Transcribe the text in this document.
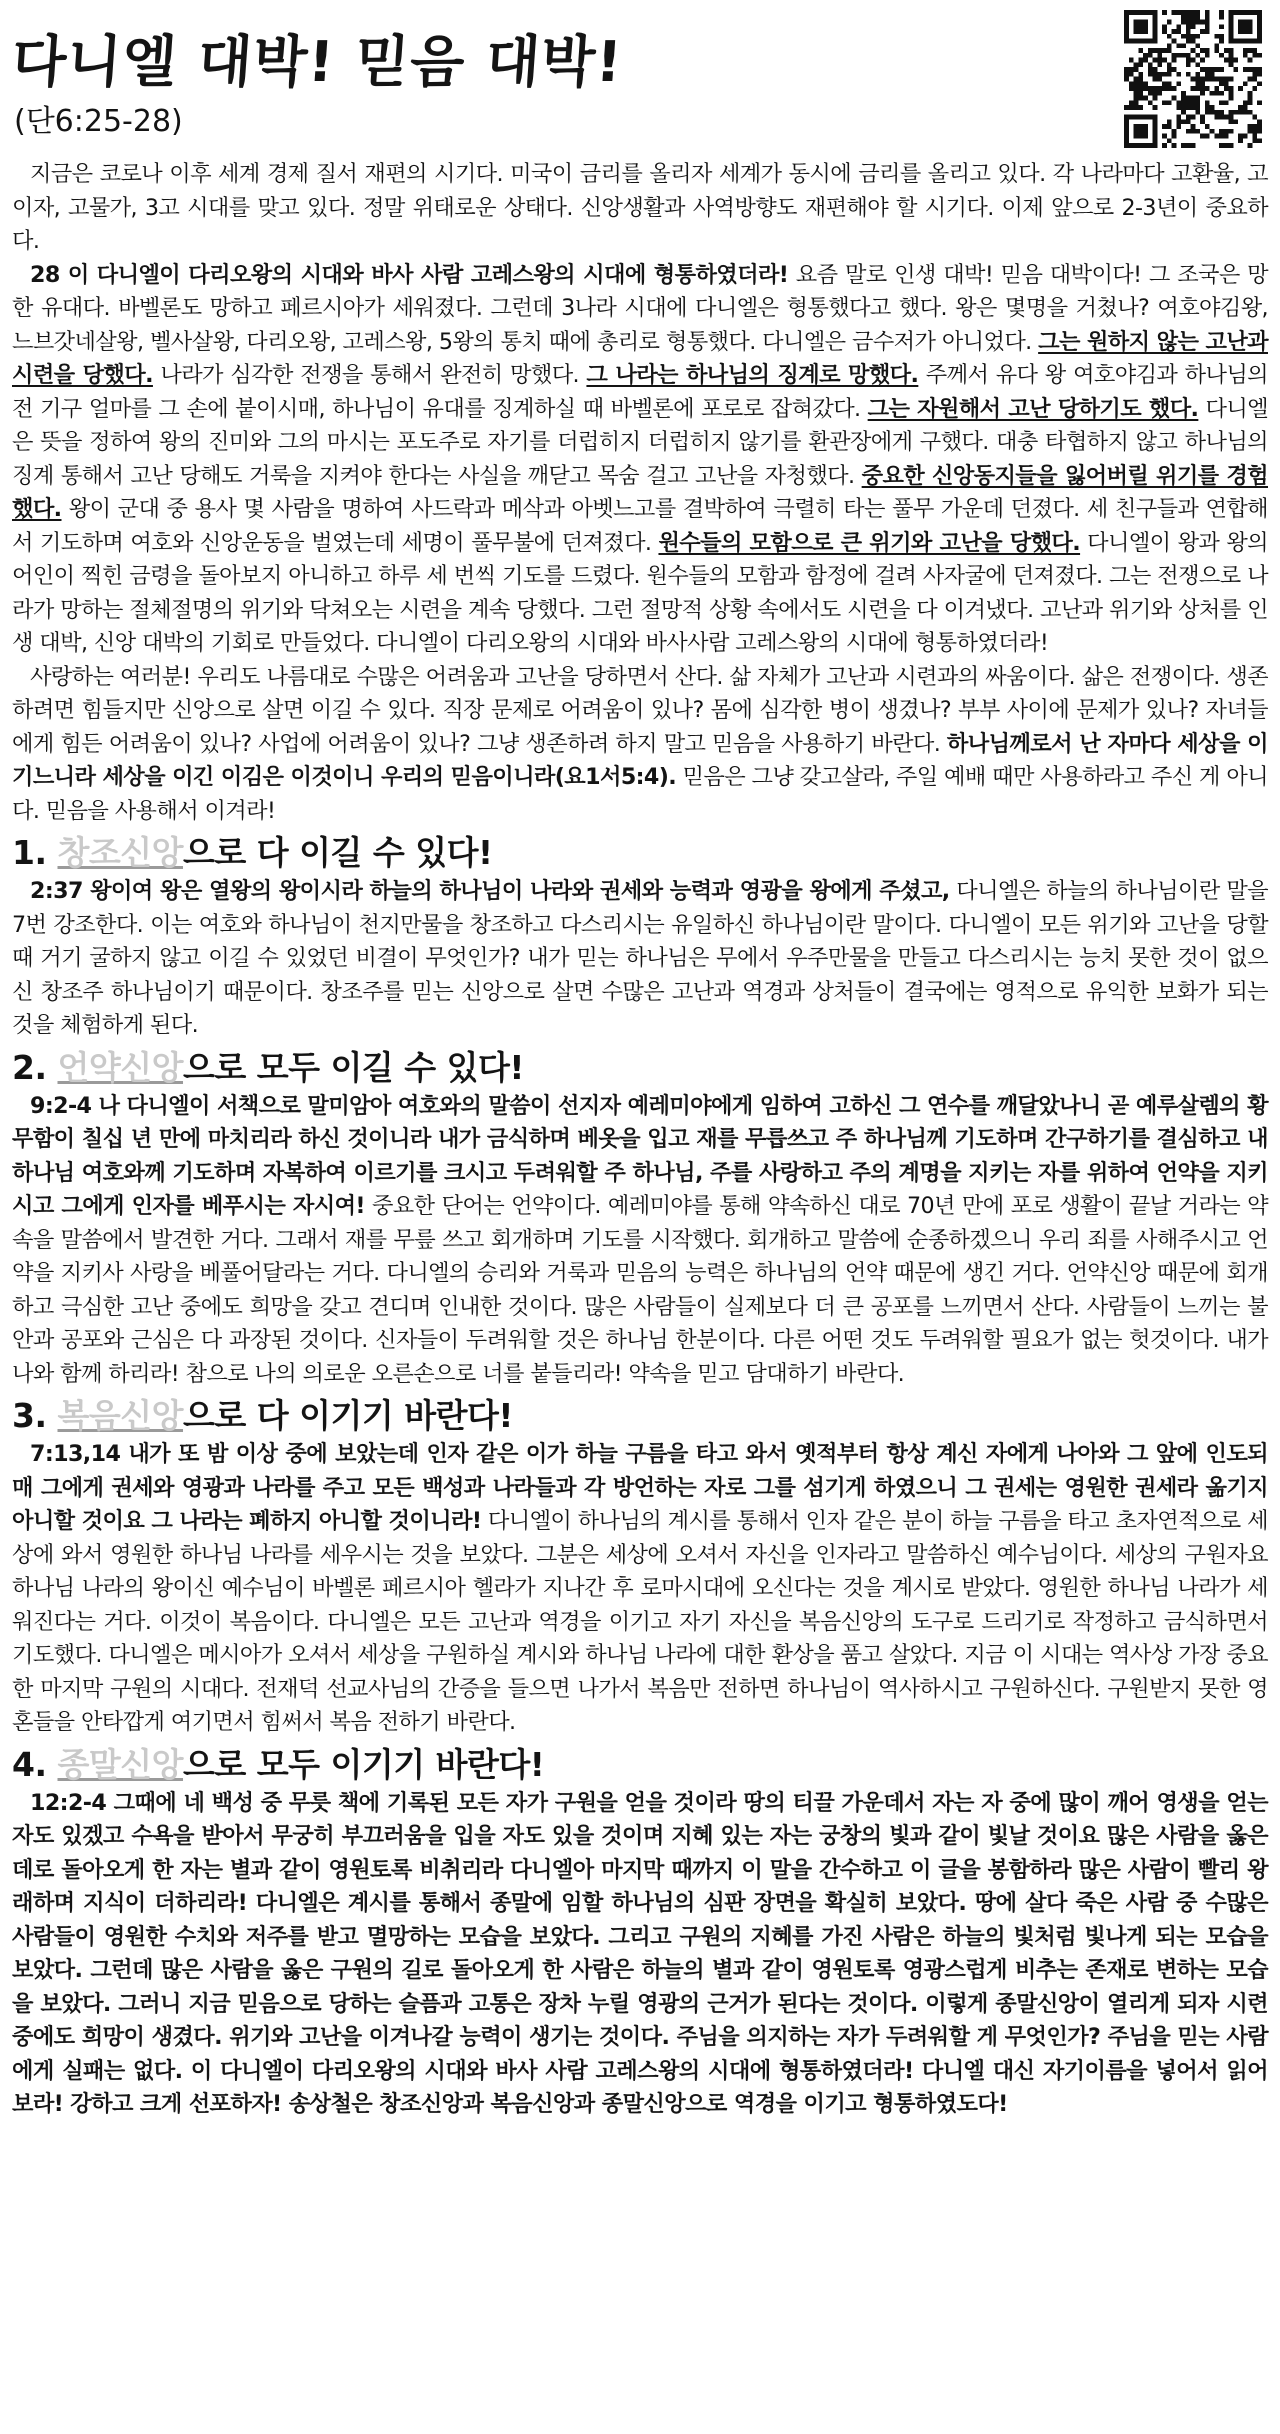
다니엘 대박! 믿음 대박!
(단6:25-28)

지금은 코로나 이후 세계 경제 질서 재편의 시기다. 미국이 금리를 올리자 세계가 동시에 금리를 올리고 있다. 각 나라마다 고환율, 고이자, 고물가, 3고 시대를 맞고 있다. 정말 위태로운 상태다. 신앙생활과 사역방향도 재편해야 할 시기다. 이제 앞으로 2-3년이 중요하다.

28 이 다니엘이 다리오왕의 시대와 바사 사람 고레스왕의 시대에 형통하였더라! 요즘 말로 인생 대박! 믿음 대박이다! 그 조국은 망한 유대다. 바벨론도 망하고 페르시아가 세워졌다. 그런데 3나라 시대에 다니엘은 형통했다고 했다. 왕은 몇명을 거쳤나? 여호야김왕, 느브갓네살왕, 벨사살왕, 다리오왕, 고레스왕, 5왕의 통치 때에 총리로 형통했다. 다니엘은 금수저가 아니었다. 그는 원하지 않는 고난과 시련을 당했다. 나라가 심각한 전쟁을 통해서 완전히 망했다. 그 나라는 하나님의 징계로 망했다. 주께서 유다 왕 여호야김과 하나님의 전 기구 얼마를 그 손에 붙이시매, 하나님이 유대를 징계하실 때 바벨론에 포로로 잡혀갔다. 그는 자원해서 고난 당하기도 했다. 다니엘은 뜻을 정하여 왕의 진미와 그의 마시는 포도주로 자기를 더럽히지 더럽히지 않기를 환관장에게 구했다. 대충 타협하지 않고 하나님의 징계 통해서 고난 당해도 거룩을 지켜야 한다는 사실을 깨닫고 목숨 걸고 고난을 자청했다. 중요한 신앙동지들을 잃어버릴 위기를 경험했다. 왕이 군대 중 용사 몇 사람을 명하여 사드락과 메삭과 아벳느고를 결박하여 극렬히 타는 풀무 가운데 던졌다. 세 친구들과 연합해서 기도하며 여호와 신앙운동을 벌였는데 세명이 풀무불에 던져졌다. 원수들의 모함으로 큰 위기와 고난을 당했다. 다니엘이 왕과 왕의 어인이 찍힌 금령을 돌아보지 아니하고 하루 세 번씩 기도를 드렸다. 원수들의 모함과 함정에 걸려 사자굴에 던져졌다. 그는 전쟁으로 나라가 망하는 절체절명의 위기와 닥쳐오는 시련을 계속 당했다. 그런 절망적 상황 속에서도 시련을 다 이겨냈다. 고난과 위기와 상처를 인생 대박, 신앙 대박의 기회로 만들었다. 다니엘이 다리오왕의 시대와 바사사람 고레스왕의 시대에 형통하였더라!

사랑하는 여러분! 우리도 나름대로 수많은 어려움과 고난을 당하면서 산다. 삶 자체가 고난과 시련과의 싸움이다. 삶은 전쟁이다. 생존하려면 힘들지만 신앙으로 살면 이길 수 있다. 직장 문제로 어려움이 있나? 몸에 심각한 병이 생겼나? 부부 사이에 문제가 있나? 자녀들에게 힘든 어려움이 있나? 사업에 어려움이 있나? 그냥 생존하려 하지 말고 믿음을 사용하기 바란다. 하나님께로서 난 자마다 세상을 이기느니라 세상을 이긴 이김은 이것이니 우리의 믿음이니라(요1서5:4). 믿음은 그냥 갖고살라, 주일 예배 때만 사용하라고 주신 게 아니다. 믿음을 사용해서 이겨라!

1. 창조신앙으로 다 이길 수 있다!

2:37 왕이여 왕은 열왕의 왕이시라 하늘의 하나님이 나라와 권세와 능력과 영광을 왕에게 주셨고, 다니엘은 하늘의 하나님이란 말을 7번 강조한다. 이는 여호와 하나님이 천지만물을 창조하고 다스리시는 유일하신 하나님이란 말이다. 다니엘이 모든 위기와 고난을 당할 때 거기 굴하지 않고 이길 수 있었던 비결이 무엇인가? 내가 믿는 하나님은 무에서 우주만물을 만들고 다스리시는 능치 못한 것이 없으신 창조주 하나님이기 때문이다. 창조주를 믿는 신앙으로 살면 수많은 고난과 역경과 상처들이 결국에는 영적으로 유익한 보화가 되는 것을 체험하게 된다.

2. 언약신앙으로 모두 이길 수 있다!

9:2-4 나 다니엘이 서책으로 말미암아 여호와의 말씀이 선지자 예레미야에게 임하여 고하신 그 연수를 깨달았나니 곧 예루살렘의 황무함이 칠십 년 만에 마치리라 하신 것이니라 내가 금식하며 베옷을 입고 재를 무릅쓰고 주 하나님께 기도하며 간구하기를 결심하고 내 하나님 여호와께 기도하며 자복하여 이르기를 크시고 두려워할 주 하나님, 주를 사랑하고 주의 계명을 지키는 자를 위하여 언약을 지키시고 그에게 인자를 베푸시는 자시여! 중요한 단어는 언약이다. 예레미야를 통해 약속하신 대로 70년 만에 포로 생활이 끝날 거라는 약속을 말씀에서 발견한 거다. 그래서 재를 무릎 쓰고 회개하며 기도를 시작했다. 회개하고 말씀에 순종하겠으니 우리 죄를 사해주시고 언약을 지키사 사랑을 베풀어달라는 거다. 다니엘의 승리와 거룩과 믿음의 능력은 하나님의 언약 때문에 생긴 거다. 언약신앙 때문에 회개하고 극심한 고난 중에도 희망을 갖고 견디며 인내한 것이다. 많은 사람들이 실제보다 더 큰 공포를 느끼면서 산다. 사람들이 느끼는 불안과 공포와 근심은 다 과장된 것이다. 신자들이 두려워할 것은 하나님 한분이다. 다른 어떤 것도 두려워할 필요가 없는 헛것이다. 내가 나와 함께 하리라! 참으로 나의 의로운 오른손으로 너를 붙들리라! 약속을 믿고 담대하기 바란다.

3. 복음신앙으로 다 이기기 바란다!

7:13,14 내가 또 밤 이상 중에 보았는데 인자 같은 이가 하늘 구름을 타고 와서 옛적부터 항상 계신 자에게 나아와 그 앞에 인도되매 그에게 권세와 영광과 나라를 주고 모든 백성과 나라들과 각 방언하는 자로 그를 섬기게 하였으니 그 권세는 영원한 권세라 옮기지 아니할 것이요 그 나라는 폐하지 아니할 것이니라! 다니엘이 하나님의 계시를 통해서 인자 같은 분이 하늘 구름을 타고 초자연적으로 세상에 와서 영원한 하나님 나라를 세우시는 것을 보았다. 그분은 세상에 오셔서 자신을 인자라고 말씀하신 예수님이다. 세상의 구원자요 하나님 나라의 왕이신 예수님이 바벨론 페르시아 헬라가 지나간 후 로마시대에 오신다는 것을 계시로 받았다. 영원한 하나님 나라가 세워진다는 거다. 이것이 복음이다. 다니엘은 모든 고난과 역경을 이기고 자기 자신을 복음신앙의 도구로 드리기로 작정하고 금식하면서 기도했다. 다니엘은 메시아가 오셔서 세상을 구원하실 계시와 하나님 나라에 대한 환상을 품고 살았다. 지금 이 시대는 역사상 가장 중요한 마지막 구원의 시대다. 전재덕 선교사님의 간증을 들으면 나가서 복음만 전하면 하나님이 역사하시고 구원하신다. 구원받지 못한 영혼들을 안타깝게 여기면서 힘써서 복음 전하기 바란다.

4. 종말신앙으로 모두 이기기 바란다!

12:2-4 그때에 네 백성 중 무릇 책에 기록된 모든 자가 구원을 얻을 것이라 땅의 티끌 가운데서 자는 자 중에 많이 깨어 영생을 얻는 자도 있겠고 수욕을 받아서 무궁히 부끄러움을 입을 자도 있을 것이며 지혜 있는 자는 궁창의 빛과 같이 빛날 것이요 많은 사람을 옳은 데로 돌아오게 한 자는 별과 같이 영원토록 비취리라 다니엘아 마지막 때까지 이 말을 간수하고 이 글을 봉함하라 많은 사람이 빨리 왕래하며 지식이 더하리라! 다니엘은 계시를 통해서 종말에 임할 하나님의 심판 장면을 확실히 보았다. 땅에 살다 죽은 사람 중 수많은 사람들이 영원한 수치와 저주를 받고 멸망하는 모습을 보았다. 그리고 구원의 지혜를 가진 사람은 하늘의 빛처럼 빛나게 되는 모습을 보았다. 그런데 많은 사람을 옳은 구원의 길로 돌아오게 한 사람은 하늘의 별과 같이 영원토록 영광스럽게 비추는 존재로 변하는 모습을 보았다. 그러니 지금 믿음으로 당하는 슬픔과 고통은 장차 누릴 영광의 근거가 된다는 것이다. 이렇게 종말신앙이 열리게 되자 시련 중에도 희망이 생겼다. 위기와 고난을 이겨나갈 능력이 생기는 것이다. 주님을 의지하는 자가 두려워할 게 무엇인가? 주님을 믿는 사람에게 실패는 없다. 이 다니엘이 다리오왕의 시대와 바사 사람 고레스왕의 시대에 형통하였더라! 다니엘 대신 자기이름을 넣어서 읽어보라! 강하고 크게 선포하자! 송상철은 창조신앙과 복음신앙과 종말신앙으로 역경을 이기고 형통하였도다!
